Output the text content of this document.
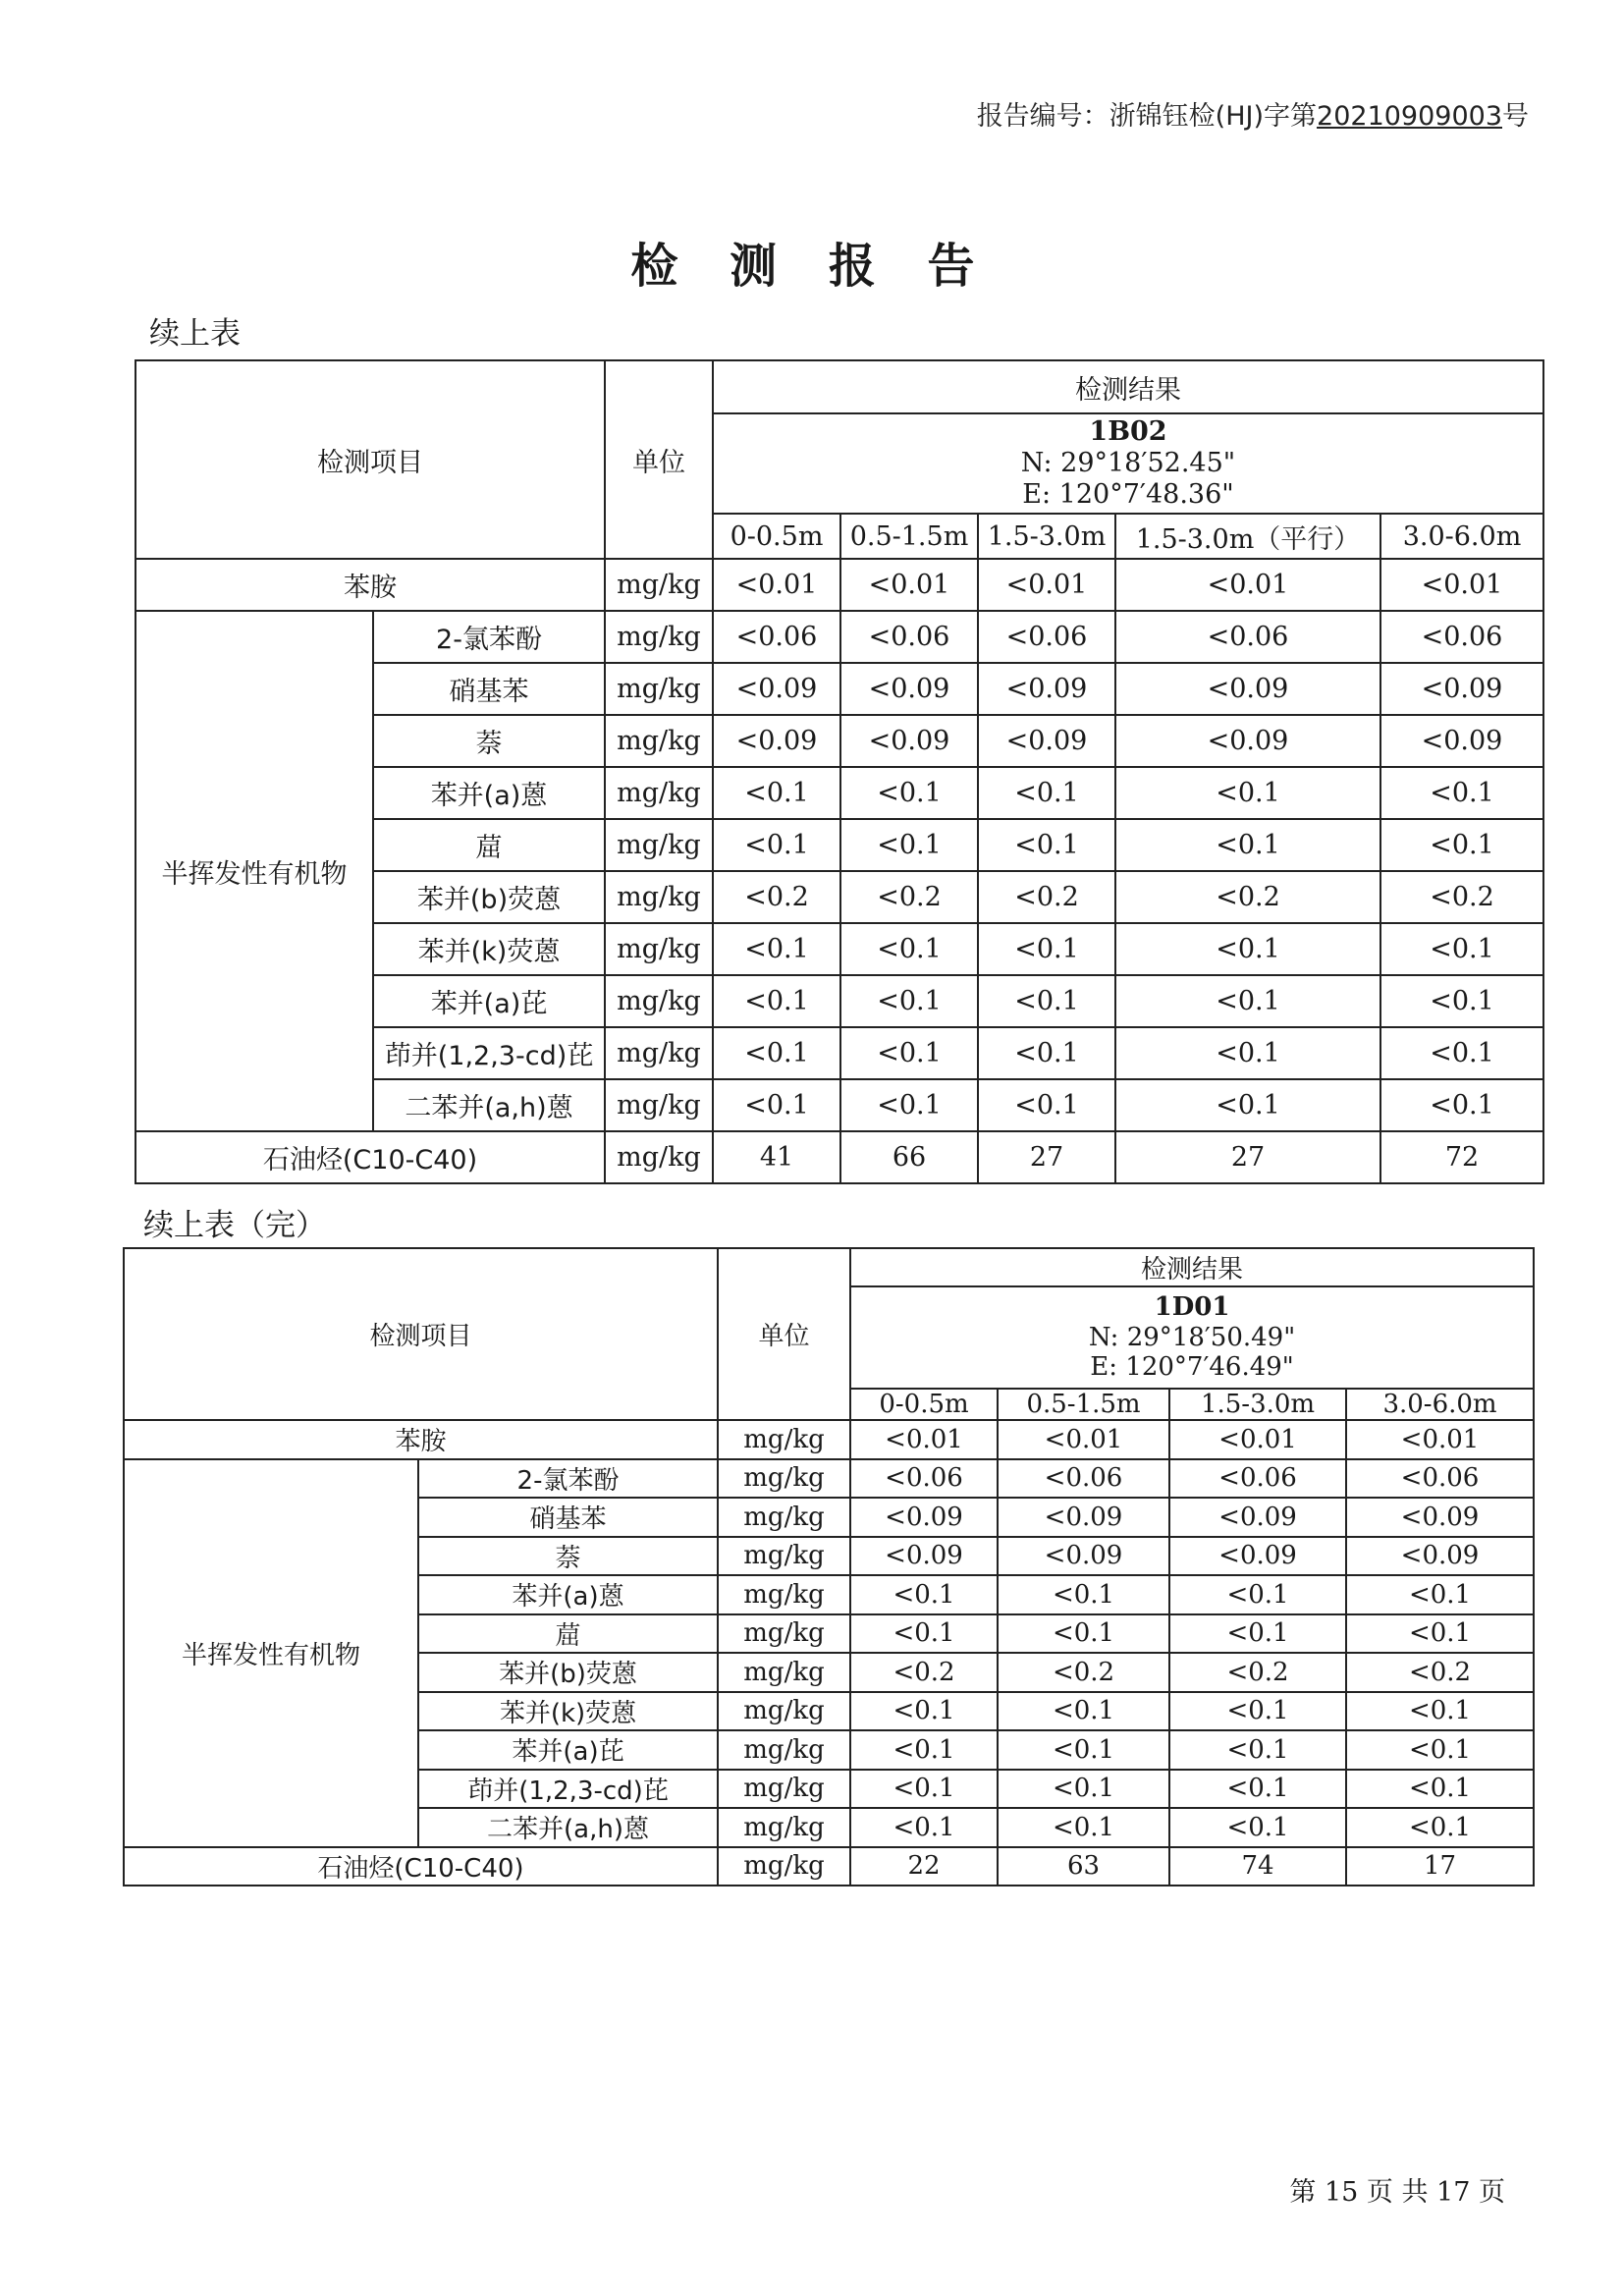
报告编号：浙锦钰检(HJ)字第20210909003号
检 测 报 告
续上表
检测项目		单位	检测结果				

			1B02
N: 29°18′52.45"
E: 120°7′48.36"				

			0-0.5m	0.5-1.5m	1.5-3.0m	1.5-3.0m（平行）	3.0-6.0m
苯胺		mg/kg	<0.01	<0.01	<0.01	<0.01	<0.01
半挥发性有机物	2-氯苯酚	mg/kg	<0.06	<0.06	<0.06	<0.06	<0.06
	硝基苯	mg/kg	<0.09	<0.09	<0.09	<0.09	<0.09
	萘	mg/kg	<0.09	<0.09	<0.09	<0.09	<0.09
	苯并(a)蒽	mg/kg	<0.1	<0.1	<0.1	<0.1	<0.1
	䓛	mg/kg	<0.1	<0.1	<0.1	<0.1	<0.1
	苯并(b)荧蒽	mg/kg	<0.2	<0.2	<0.2	<0.2	<0.2
	苯并(k)荧蒽	mg/kg	<0.1	<0.1	<0.1	<0.1	<0.1
	苯并(a)芘	mg/kg	<0.1	<0.1	<0.1	<0.1	<0.1
	茚并(1,2,3-cd)芘	mg/kg	<0.1	<0.1	<0.1	<0.1	<0.1
	二苯并(a,h)蒽	mg/kg	<0.1	<0.1	<0.1	<0.1	<0.1
石油烃(C10-C40)		mg/kg	41	66	27	27	72
续上表（完）
检测项目		单位	检测结果			

			1D01
N: 29°18′50.49"
E: 120°7′46.49"			

			0-0.5m	0.5-1.5m	1.5-3.0m	3.0-6.0m
苯胺		mg/kg	<0.01	<0.01	<0.01	<0.01
半挥发性有机物	2-氯苯酚	mg/kg	<0.06	<0.06	<0.06	<0.06
	硝基苯	mg/kg	<0.09	<0.09	<0.09	<0.09
	萘	mg/kg	<0.09	<0.09	<0.09	<0.09
	苯并(a)蒽	mg/kg	<0.1	<0.1	<0.1	<0.1
	䓛	mg/kg	<0.1	<0.1	<0.1	<0.1
	苯并(b)荧蒽	mg/kg	<0.2	<0.2	<0.2	<0.2
	苯并(k)荧蒽	mg/kg	<0.1	<0.1	<0.1	<0.1
	苯并(a)芘	mg/kg	<0.1	<0.1	<0.1	<0.1
	茚并(1,2,3-cd)芘	mg/kg	<0.1	<0.1	<0.1	<0.1
	二苯并(a,h)蒽	mg/kg	<0.1	<0.1	<0.1	<0.1
石油烃(C10-C40)		mg/kg	22	63	74	17
第 15 页 共 17 页
